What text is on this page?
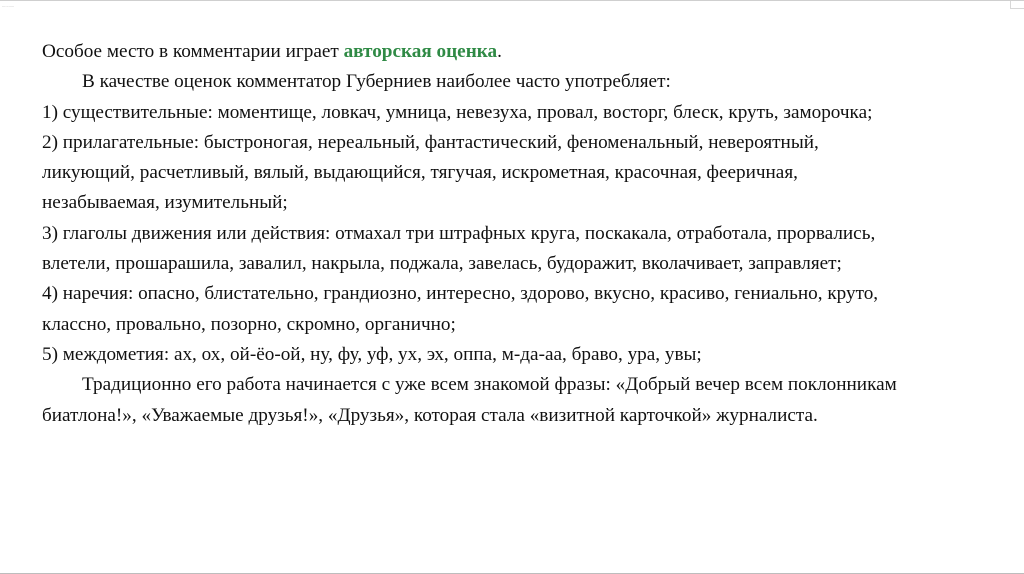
...........
Особое место в комментарии играет авторская оценка.
В качестве оценок комментатор Губерниев наиболее часто употребляет:
1) существительные: моментище, ловкач, умница, невезуха, провал, восторг, блеск, круть, заморочка;
2) прилагательные: быстроногая, нереальный, фантастический, феноменальный, невероятный,
ликующий, расчетливый, вялый, выдающийся, тягучая, искрометная, красочная, фееричная,
незабываемая, изумительный;
3) глаголы движения или действия: отмахал три штрафных круга, поскакала, отработала, прорвались,
влетели, прошарашила, завалил, накрыла, поджала, завелась, будоражит, вколачивает, заправляет;
4) наречия: опасно, блистательно, грандиозно, интересно, здорово, вкусно, красиво, гениально, круто,
классно, провально, позорно, скромно, органично;
5) междометия: ах, ох, ой-ёо-ой, ну, фу, уф, ух, эх, оппа, м-да-аа, браво, ура, увы;
Традиционно его работа начинается с уже всем знакомой фразы: «Добрый вечер всем поклонникам
биатлона!», «Уважаемые друзья!», «Друзья», которая стала «визитной карточкой» журналиста.
